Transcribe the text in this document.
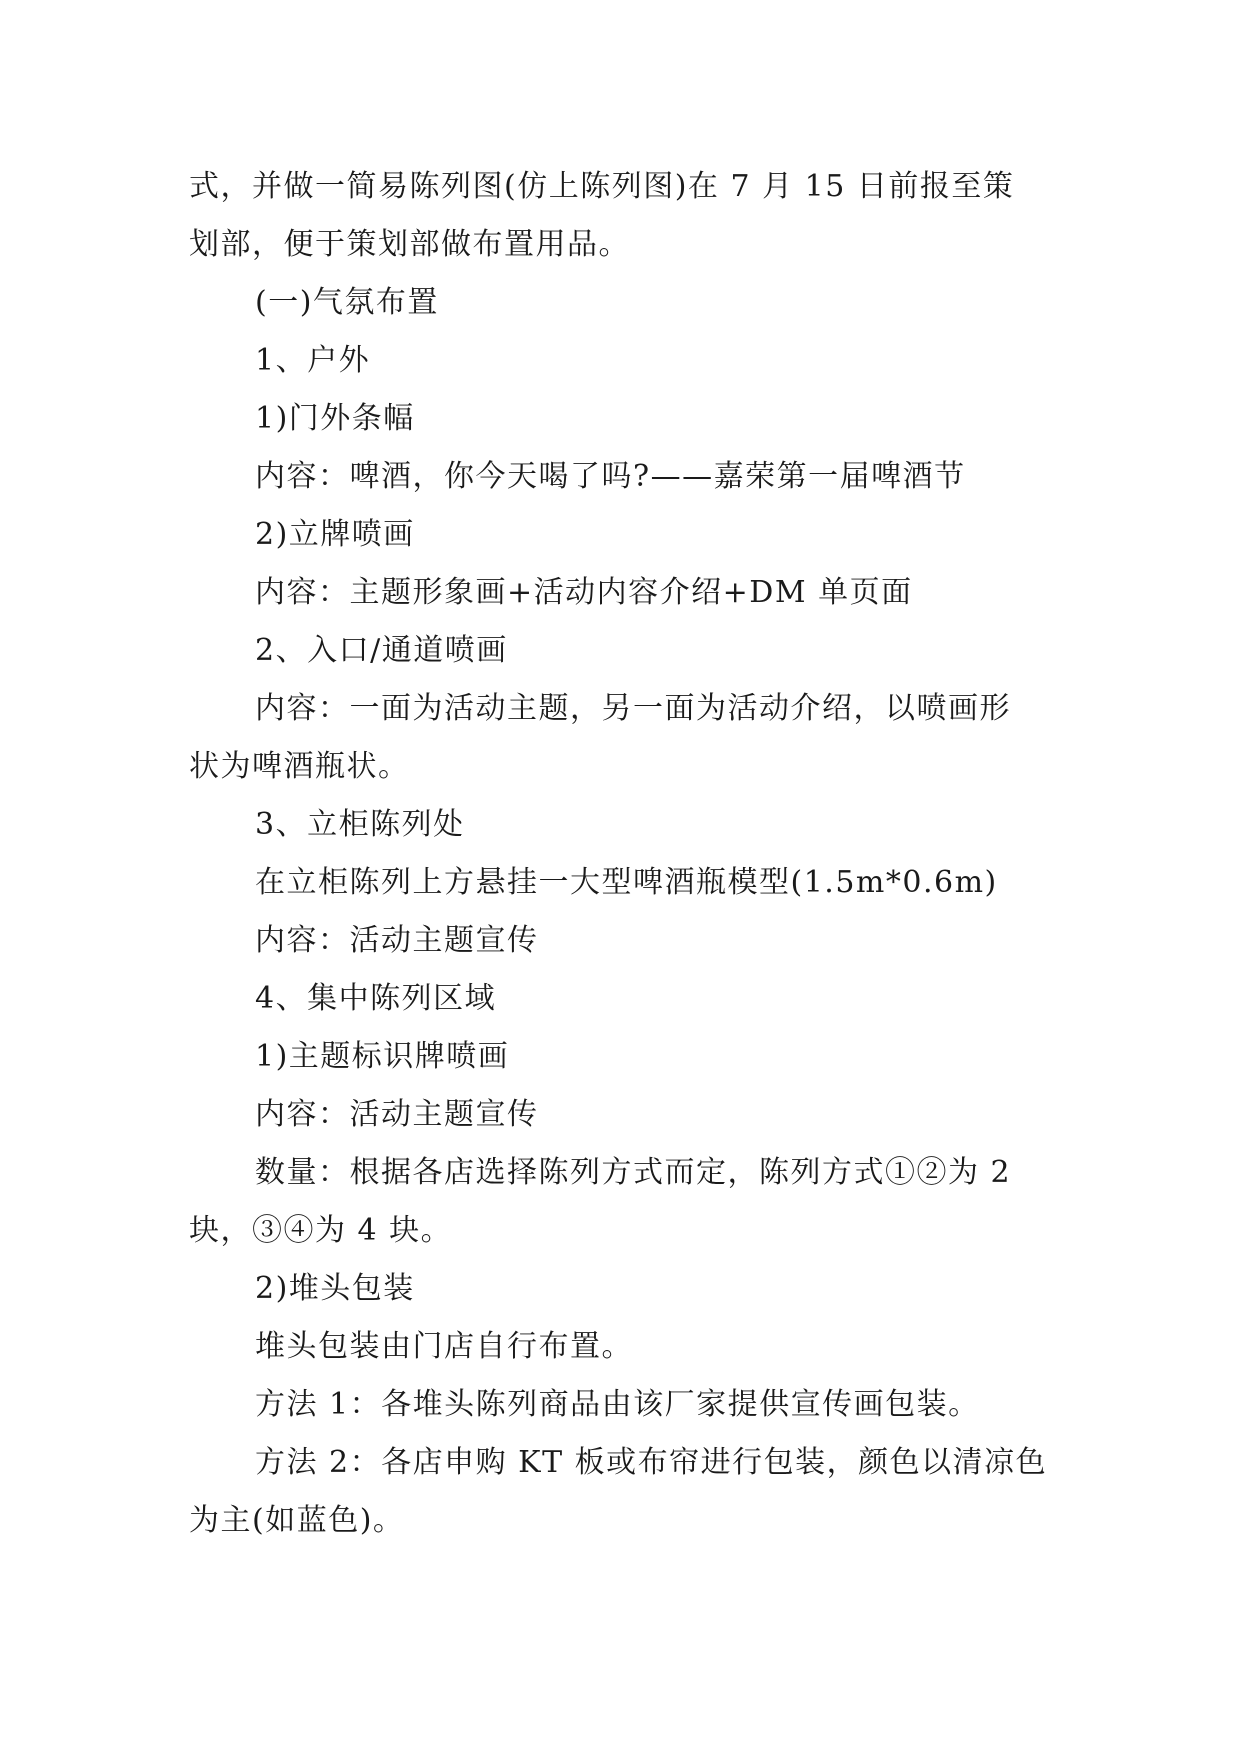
式，并做一简易陈列图(仿上陈列图)在 7 月 15 日前报至策
划部，便于策划部做布置用品。
(一)气氛布置
1、户外
1)门外条幅
内容：啤酒，你今天喝了吗?——嘉荣第一届啤酒节
2)立牌喷画
内容：主题形象画+活动内容介绍+DM 单页面
2、入口/通道喷画
内容：一面为活动主题，另一面为活动介绍，以喷画形
状为啤酒瓶状。
3、立柜陈列处
在立柜陈列上方悬挂一大型啤酒瓶模型(1.5m*0.6m)
内容：活动主题宣传
4、集中陈列区域
1)主题标识牌喷画
内容：活动主题宣传
数量：根据各店选择陈列方式而定，陈列方式①②为 2
块，③④为 4 块。
2)堆头包装
堆头包装由门店自行布置。
方法 1：各堆头陈列商品由该厂家提供宣传画包装。
方法 2：各店申购 KT 板或布帘进行包装，颜色以清凉色
为主(如蓝色)。
